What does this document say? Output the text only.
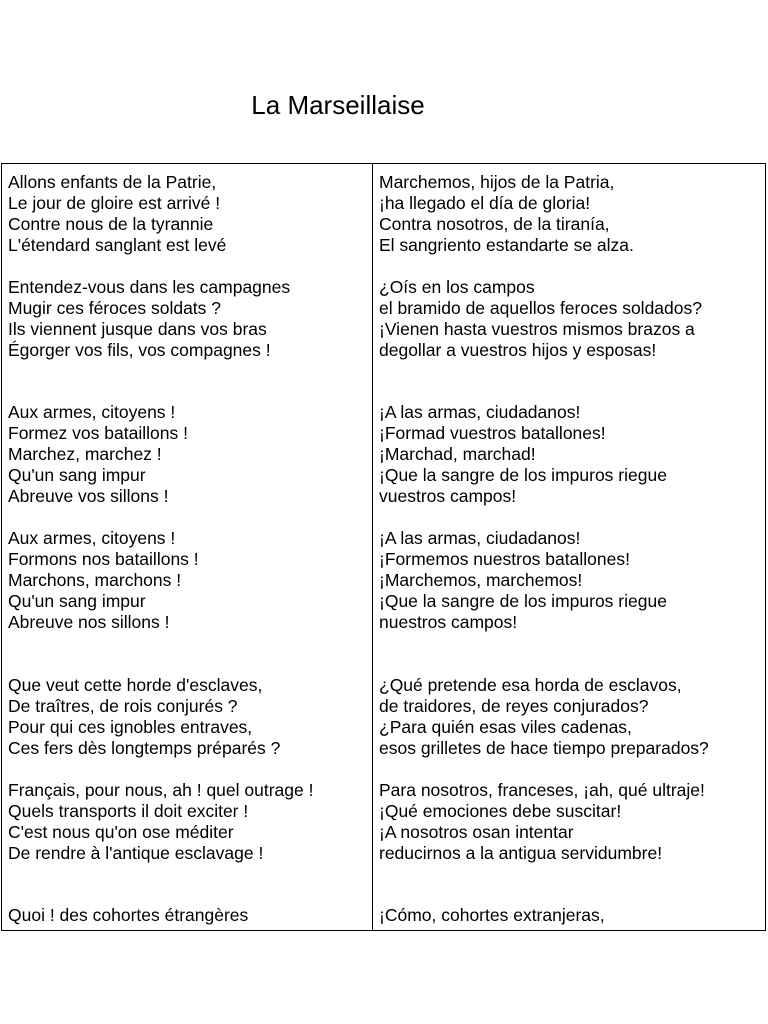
La Marseillaise
Allons enfants de la Patrie,
Le jour de gloire est arrivé !
Contre nous de la tyrannie
L'étendard sanglant est levé
Entendez-vous dans les campagnes
Mugir ces féroces soldats ?
Ils viennent jusque dans vos bras
Égorger vos fils, vos compagnes !
Aux armes, citoyens !
Formez vos bataillons !
Marchez, marchez !
Qu'un sang impur
Abreuve vos sillons !
Aux armes, citoyens !
Formons nos bataillons !
Marchons, marchons !
Qu'un sang impur
Abreuve nos sillons !
Que veut cette horde d'esclaves,
De traîtres, de rois conjurés ?
Pour qui ces ignobles entraves,
Ces fers dès longtemps préparés ?
Français, pour nous, ah ! quel outrage !
Quels transports il doit exciter !
C'est nous qu'on ose méditer
De rendre à l'antique esclavage !
Quoi ! des cohortes étrangères
Marchemos, hijos de la Patria,
¡ha llegado el día de gloria!
Contra nosotros, de la tiranía,
El sangriento estandarte se alza.
¿Oís en los campos
el bramido de aquellos feroces soldados?
¡Vienen hasta vuestros mismos brazos a
degollar a vuestros hijos y esposas!
¡A las armas, ciudadanos!
¡Formad vuestros batallones!
¡Marchad, marchad!
¡Que la sangre de los impuros riegue
vuestros campos!
¡A las armas, ciudadanos!
¡Formemos nuestros batallones!
¡Marchemos, marchemos!
¡Que la sangre de los impuros riegue
nuestros campos!
¿Qué pretende esa horda de esclavos,
de traidores, de reyes conjurados?
¿Para quién esas viles cadenas,
esos grilletes de hace tiempo preparados?
Para nosotros, franceses, ¡ah, qué ultraje!
¡Qué emociones debe suscitar!
¡A nosotros osan intentar
reducirnos a la antigua servidumbre!
¡Cómo, cohortes extranjeras,
